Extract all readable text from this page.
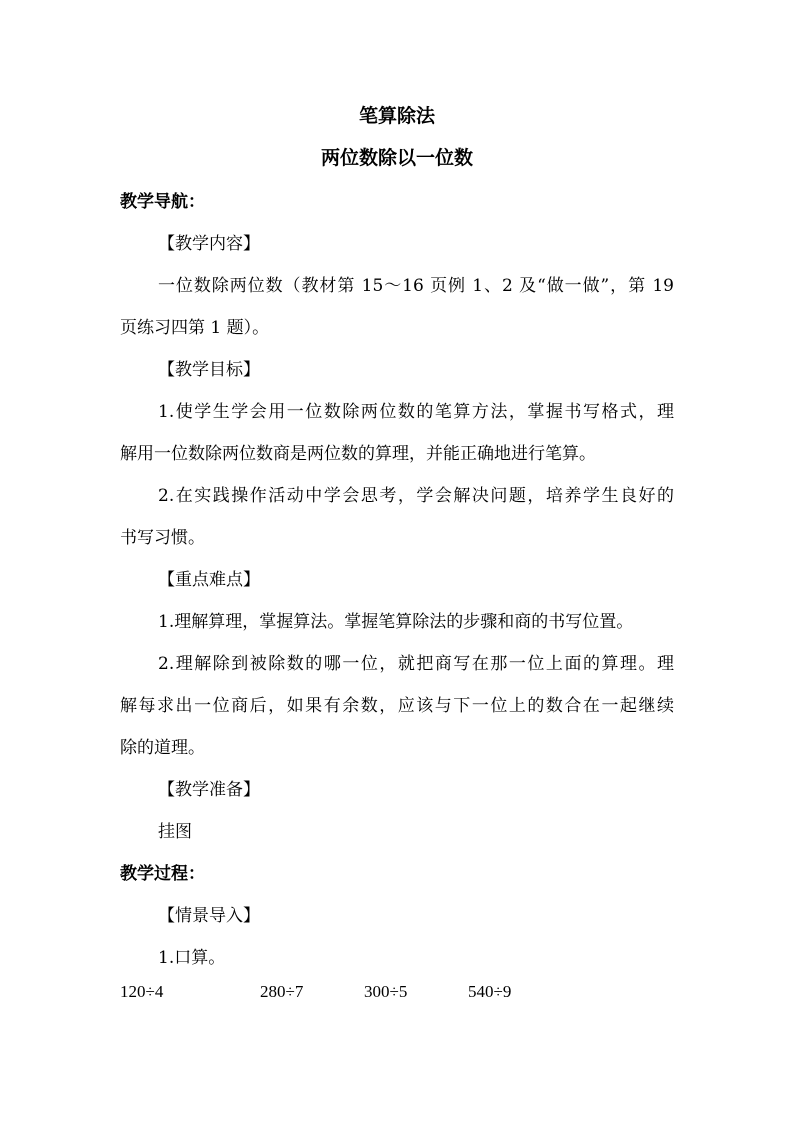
笔算除法
两位数除以一位数
教学导航：
【教学内容】
一位数除两位数（教材第 15～16 页例 1、2 及“做一做”，第 19
页练习四第 1 题）。
【教学目标】
1.使学生学会用一位数除两位数的笔算方法，掌握书写格式，理
解用一位数除两位数商是两位数的算理，并能正确地进行笔算。
2.在实践操作活动中学会思考，学会解决问题，培养学生良好的
书写习惯。
【重点难点】
1.理解算理，掌握算法。掌握笔算除法的步骤和商的书写位置。
2.理解除到被除数的哪一位，就把商写在那一位上面的算理。理
解每求出一位商后，如果有余数，应该与下一位上的数合在一起继续
除的道理。
【教学准备】
挂图
教学过程：
【情景导入】
1.口算。
120÷4	280÷7	300÷5	540÷9
